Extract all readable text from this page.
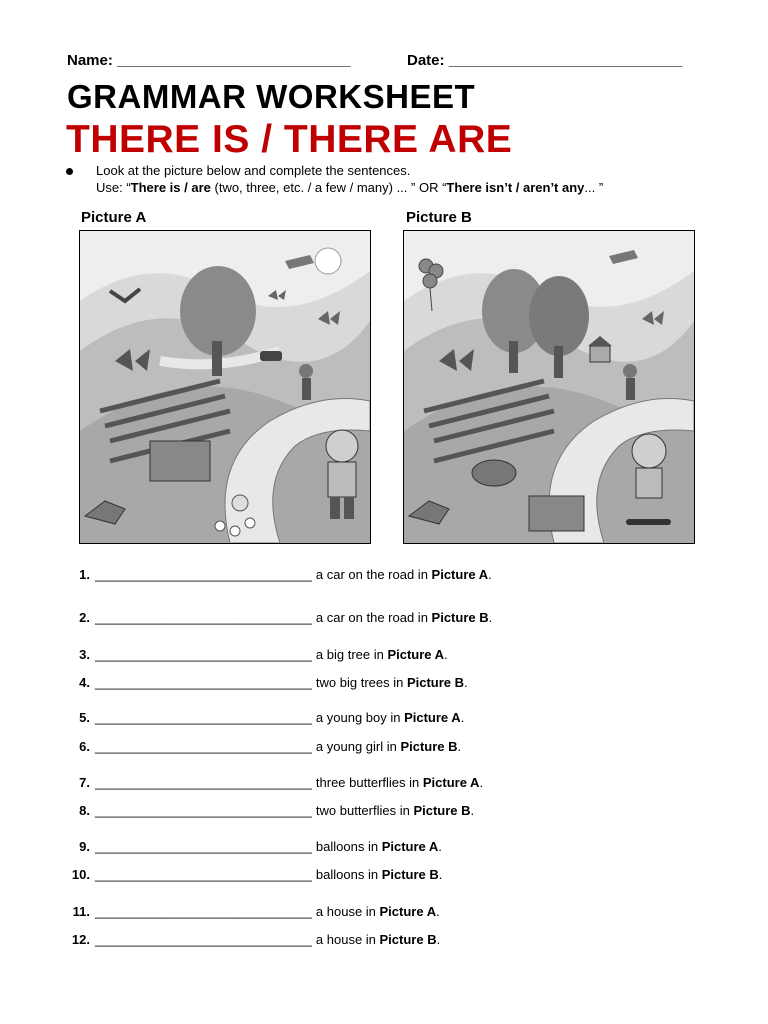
Name: ____________________________	Date: ____________________________
GRAMMAR WORKSHEET
THERE IS / THERE ARE
Look at the picture below and complete the sentences.
Use: “There is / are (two, three, etc. / a few / many) ... ” OR “There isn’t / aren’t any... ”
Picture A	Picture B
1. ______________________________ a car on the road in Picture A.
2. ______________________________ a car on the road in Picture B.
3. ______________________________ a big tree in Picture A.
4. ______________________________ two big trees in Picture B.
5. ______________________________ a young boy in Picture A.
6. ______________________________ a young girl in Picture B.
7. ______________________________ three butterflies in Picture A.
8. ______________________________ two butterflies in Picture B.
9. ______________________________ balloons in Picture A.
10. ______________________________ balloons in Picture B.
11. ______________________________ a house in Picture A.
12. ______________________________ a house in Picture B.
